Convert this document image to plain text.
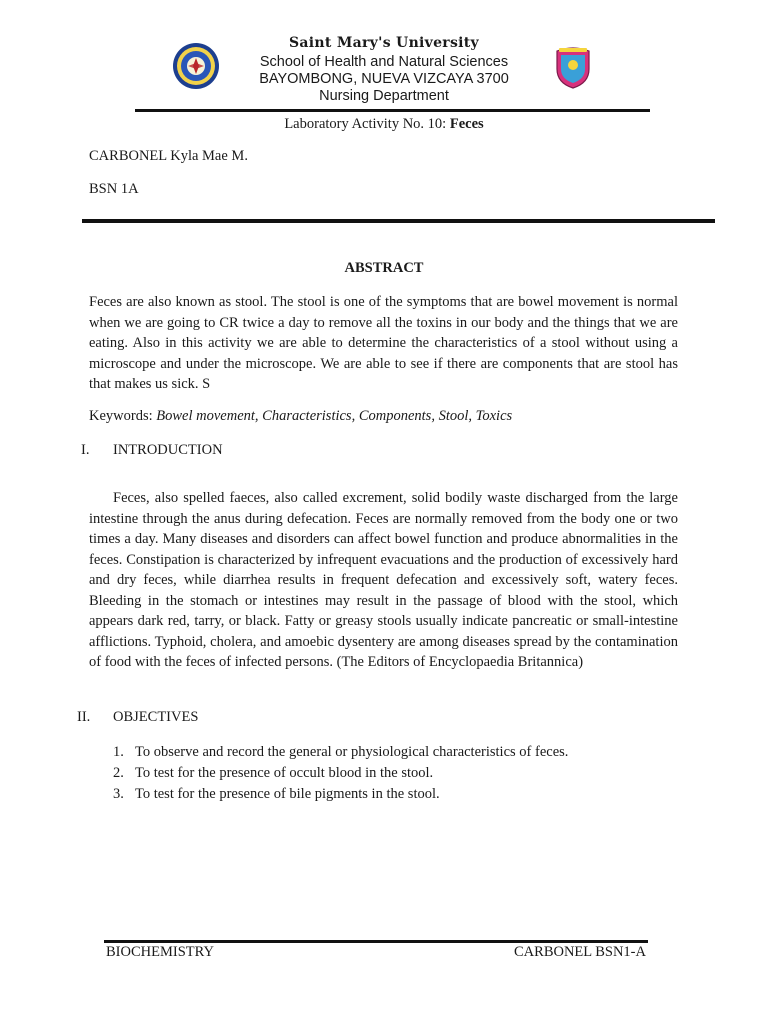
Saint Mary's University
School of Health and Natural Sciences
BAYOMBONG, NUEVA VIZCAYA 3700
Nursing Department
Laboratory Activity No. 10: Feces
CARBONEL Kyla Mae M.
BSN 1A
ABSTRACT
Feces are also known as stool. The stool is one of the symptoms that are bowel movement is normal when we are going to CR twice a day to remove all the toxins in our body and the things that we are eating. Also in this activity we are able to determine the characteristics of a stool without using a microscope and under the microscope. We are able to see if there are components that are stool has that makes us sick. S
Keywords: Bowel movement, Characteristics, Components, Stool, Toxics
I. INTRODUCTION
Feces, also spelled faeces, also called excrement, solid bodily waste discharged from the large intestine through the anus during defecation. Feces are normally removed from the body one or two times a day. Many diseases and disorders can affect bowel function and produce abnormalities in the feces. Constipation is characterized by infrequent evacuations and the production of excessively hard and dry feces, while diarrhea results in frequent defecation and excessively soft, watery feces. Bleeding in the stomach or intestines may result in the passage of blood with the stool, which appears dark red, tarry, or black. Fatty or greasy stools usually indicate pancreatic or small-intestine afflictions. Typhoid, cholera, and amoebic dysentery are among diseases spread by the contamination of food with the feces of infected persons. (The Editors of Encyclopaedia Britannica)
II. OBJECTIVES
1. To observe and record the general or physiological characteristics of feces.
2. To test for the presence of occult blood in the stool.
3. To test for the presence of bile pigments in the stool.
BIOCHEMISTRY	CARBONEL BSN1-A
